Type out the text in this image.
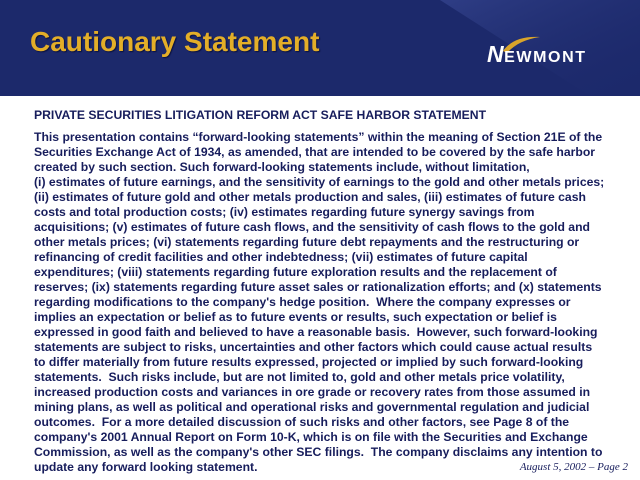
Cautionary Statement	NEWMONT
PRIVATE SECURITIES LITIGATION REFORM ACT SAFE HARBOR STATEMENT
This presentation contains “forward-looking statements” within the meaning of Section 21E of the
Securities Exchange Act of 1934, as amended, that are intended to be covered by the safe harbor
created by such section. Such forward-looking statements include, without limitation,
(i) estimates of future earnings, and the sensitivity of earnings to the gold and other metals prices;
(ii) estimates of future gold and other metals production and sales, (iii) estimates of future cash
costs and total production costs; (iv) estimates regarding future synergy savings from
acquisitions; (v) estimates of future cash flows, and the sensitivity of cash flows to the gold and
other metals prices; (vi) statements regarding future debt repayments and the restructuring or
refinancing of credit facilities and other indebtedness; (vii) estimates of future capital
expenditures; (viii) statements regarding future exploration results and the replacement of
reserves; (ix) statements regarding future asset sales or rationalization efforts; and (x) statements
regarding modifications to the company's hedge position.  Where the company expresses or
implies an expectation or belief as to future events or results, such expectation or belief is
expressed in good faith and believed to have a reasonable basis.  However, such forward-looking
statements are subject to risks, uncertainties and other factors which could cause actual results
to differ materially from future results expressed, projected or implied by such forward-looking
statements.  Such risks include, but are not limited to, gold and other metals price volatility,
increased production costs and variances in ore grade or recovery rates from those assumed in
mining plans, as well as political and operational risks and governmental regulation and judicial
outcomes.  For a more detailed discussion of such risks and other factors, see Page 8 of the
company's 2001 Annual Report on Form 10-K, which is on file with the Securities and Exchange
Commission, as well as the company's other SEC filings.  The company disclaims any intention to
update any forward looking statement.	August 5, 2002 – Page 2
